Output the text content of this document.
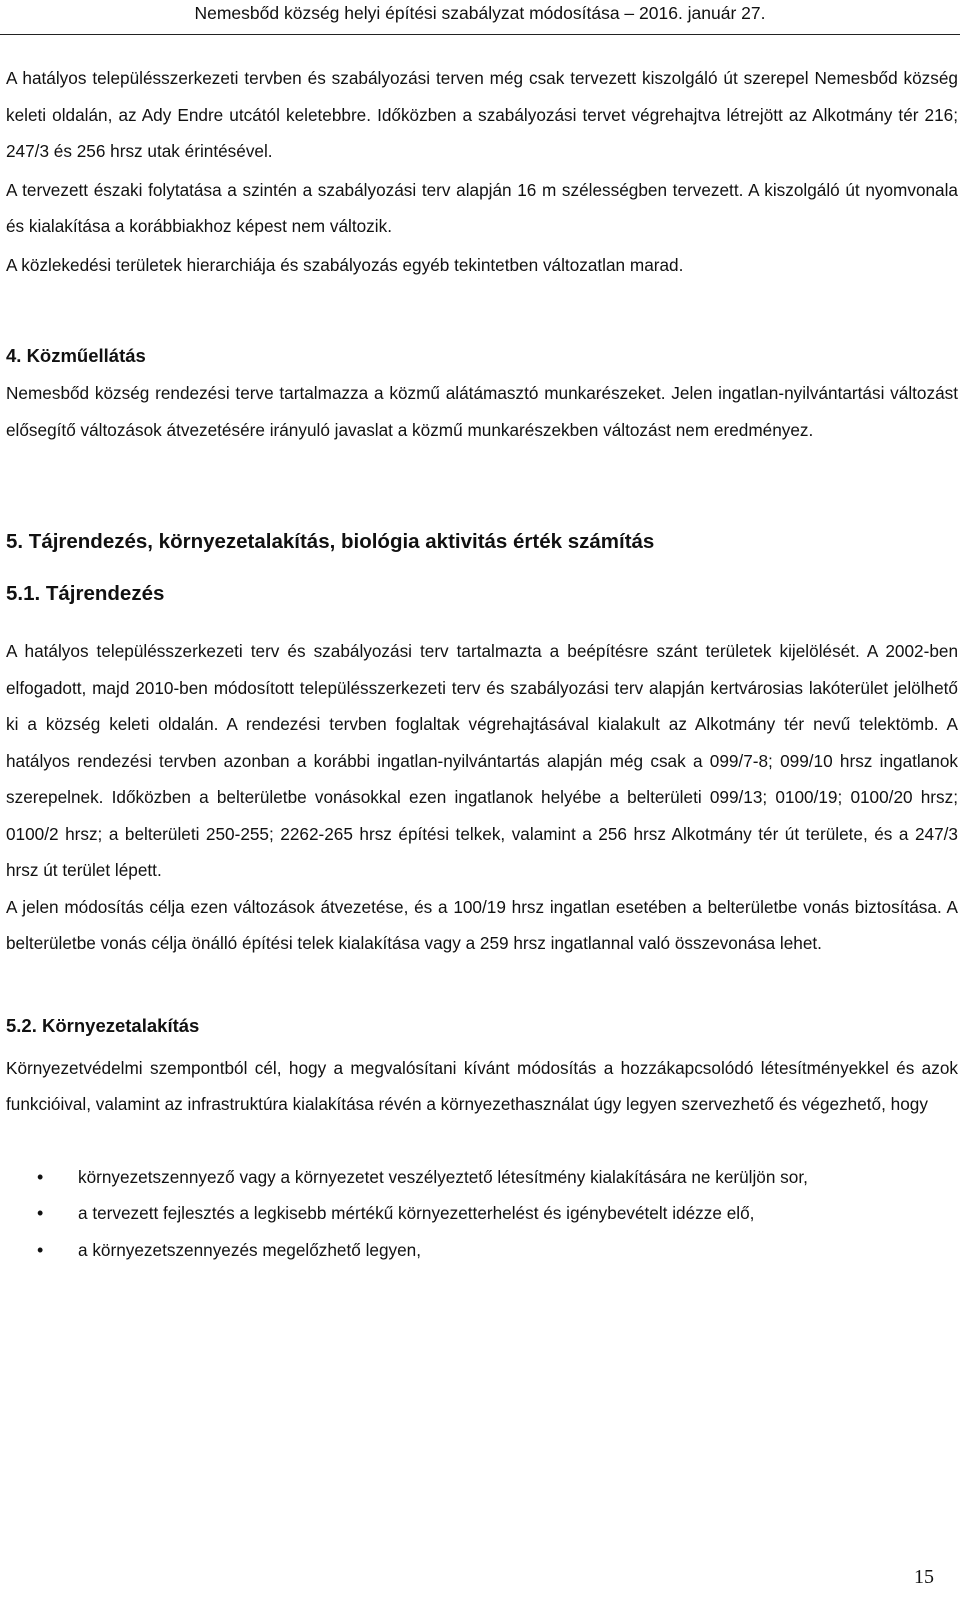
Nemesbőd község helyi építési szabályzat módosítása – 2016. január 27.

A hatályos településszerkezeti tervben és szabályozási terven még csak tervezett kiszolgáló út szerepel Nemesbőd község keleti oldalán, az Ady Endre utcától keletebbre. Időközben a szabályozási tervet végrehajtva létrejött az Alkotmány tér 216; 247/3 és 256 hrsz utak érintésével.

A tervezett északi folytatása a szintén a szabályozási terv alapján 16 m szélességben tervezett. A kiszolgáló út nyomvonala és kialakítása a korábbiakhoz képest nem változik.

A közlekedési területek hierarchiája és szabályozás egyéb tekintetben változatlan marad.

4. Közműellátás

Nemesbőd község rendezési terve tartalmazza a közmű alátámasztó munkarészeket. Jelen ingatlan-nyilvántartási változást elősegítő változások átvezetésére irányuló javaslat a közmű munkarészekben változást nem eredményez.

5. Tájrendezés, környezetalakítás, biológia aktivitás érték számítás
5.1. Tájrendezés

A hatályos településszerkezeti terv és szabályozási terv tartalmazta a beépítésre szánt területek kijelölését. A 2002-ben elfogadott, majd 2010-ben módosított településszerkezeti terv és szabályozási terv alapján kertvárosias lakóterület jelölhető ki a község keleti oldalán. A rendezési tervben foglaltak végrehajtásával kialakult az Alkotmány tér nevű telektömb. A hatályos rendezési tervben azonban a korábbi ingatlan-nyilvántartás alapján még csak a 099/7-8; 099/10 hrsz ingatlanok szerepelnek. Időközben a belterületbe vonásokkal ezen ingatlanok helyébe a belterületi 099/13; 0100/19; 0100/20 hrsz; 0100/2 hrsz; a belterületi 250-255; 2262-265 hrsz építési telkek, valamint a 256 hrsz Alkotmány tér út területe, és a 247/3 hrsz út terület lépett.

A jelen módosítás célja ezen változások átvezetése, és a 100/19 hrsz ingatlan esetében a belterületbe vonás biztosítása. A belterületbe vonás célja önálló építési telek kialakítása vagy a 259 hrsz ingatlannal való összevonása lehet.

5.2. Környezetalakítás

Környezetvédelmi szempontból cél, hogy a megvalósítani kívánt módosítás a hozzákapcsolódó létesítményekkel és azok funkcióival, valamint az infrastruktúra kialakítása révén a környezethasználat úgy legyen szervezhető és végezhető, hogy

• környezetszennyező vagy a környezetet veszélyeztető létesítmény kialakítására ne kerüljön sor,
• a tervezett fejlesztés a legkisebb mértékű környezetterhelést és igénybevételt idézze elő,
• a környezetszennyezés megelőzhető legyen,
15
